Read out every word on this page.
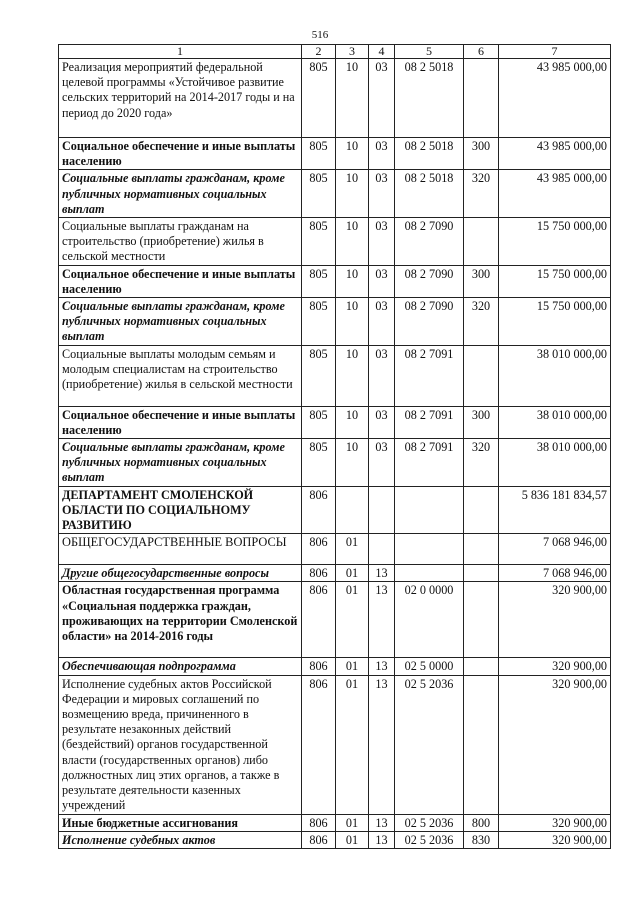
516
1	2	3	4	5	6	7
Реализация мероприятий федеральной целевой программы «Устойчивое развитие сельских территорий на 2014-2017 годы и на период до 2020 года»	805	10	03	08 2 5018		43 985 000,00
Социальное обеспечение и иные выплаты населению	805	10	03	08 2 5018	300	43 985 000,00
Социальные выплаты гражданам, кроме публичных нормативных социальных выплат	805	10	03	08 2 5018	320	43 985 000,00
Социальные выплаты гражданам на строительство (приобретение) жилья в сельской местности	805	10	03	08 2 7090		15 750 000,00
Социальное обеспечение и иные выплаты населению	805	10	03	08 2 7090	300	15 750 000,00
Социальные выплаты гражданам, кроме публичных нормативных социальных выплат	805	10	03	08 2 7090	320	15 750 000,00
Социальные выплаты молодым семьям и молодым специалистам на строительство (приобретение) жилья в сельской местности	805	10	03	08 2 7091		38 010 000,00
Социальное обеспечение и иные выплаты населению	805	10	03	08 2 7091	300	38 010 000,00
Социальные выплаты гражданам, кроме публичных нормативных социальных выплат	805	10	03	08 2 7091	320	38 010 000,00
ДЕПАРТАМЕНТ СМОЛЕНСКОЙ ОБЛАСТИ ПО СОЦИАЛЬНОМУ РАЗВИТИЮ	806					5 836 181 834,57
ОБЩЕГОСУДАРСТВЕННЫЕ ВОПРОСЫ	806	01				7 068 946,00
Другие общегосударственные вопросы	806	01	13			7 068 946,00
Областная государственная программа «Социальная поддержка граждан, проживающих на территории Смоленской области» на 2014-2016 годы	806	01	13	02 0 0000		320 900,00
Обеспечивающая подпрограмма	806	01	13	02 5 0000		320 900,00
Исполнение судебных актов Российской Федерации и мировых соглашений по возмещению вреда, причиненного в результате незаконных действий (бездействий) органов государственной власти (государственных органов) либо должностных лиц этих органов, а также в результате деятельности казенных учреждений	806	01	13	02 5 2036		320 900,00
Иные бюджетные ассигнования	806	01	13	02 5 2036	800	320 900,00
Исполнение судебных актов	806	01	13	02 5 2036	830	320 900,00
